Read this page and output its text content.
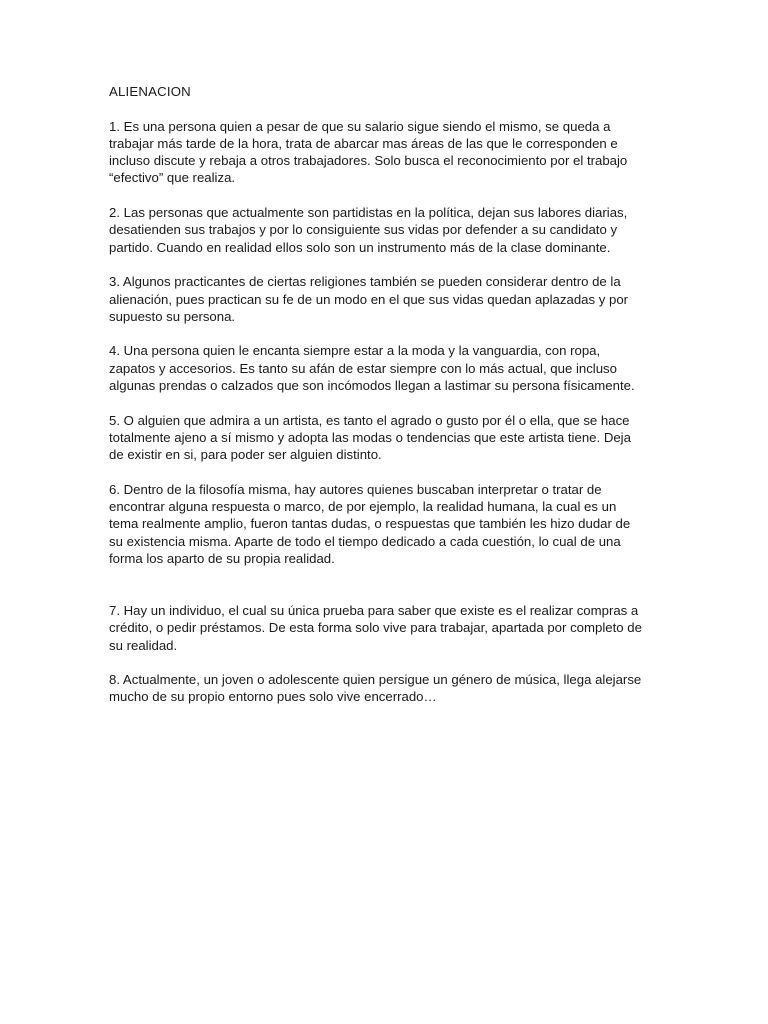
ALIENACION
1. Es una persona quien a pesar de que su salario sigue siendo el mismo, se queda a
trabajar más tarde de la hora, trata de abarcar mas áreas de las que le corresponden e
incluso discute y rebaja a otros trabajadores. Solo busca el reconocimiento por el trabajo
“efectivo” que realiza.
2. Las personas que actualmente son partidistas en la política, dejan sus labores diarias,
desatienden sus trabajos y por lo consiguiente sus vidas por defender a su candidato y
partido. Cuando en realidad ellos solo son un instrumento más de la clase dominante.
3. Algunos practicantes de ciertas religiones también se pueden considerar dentro de la
alienación, pues practican su fe de un modo en el que sus vidas quedan aplazadas y por
supuesto su persona.
4. Una persona quien le encanta siempre estar a la moda y la vanguardia, con ropa,
zapatos y accesorios. Es tanto su afán de estar siempre con lo más actual, que incluso
algunas prendas o calzados que son incómodos llegan a lastimar su persona físicamente.
5. O alguien que admira a un artista, es tanto el agrado o gusto por él o ella, que se hace
totalmente ajeno a sí mismo y adopta las modas o tendencias que este artista tiene. Deja
de existir en si, para poder ser alguien distinto.
6. Dentro de la filosofía misma, hay autores quienes buscaban interpretar o tratar de
encontrar alguna respuesta o marco, de por ejemplo, la realidad humana, la cual es un
tema realmente amplio, fueron tantas dudas, o respuestas que también les hizo dudar de
su existencia misma. Aparte de todo el tiempo dedicado a cada cuestión, lo cual de una
forma los aparto de su propia realidad.
7. Hay un individuo, el cual su única prueba para saber que existe es el realizar compras a
crédito, o pedir préstamos. De esta forma solo vive para trabajar, apartada por completo de
su realidad.
8. Actualmente, un joven o adolescente quien persigue un género de música, llega alejarse
mucho de su propio entorno pues solo vive encerrado…
